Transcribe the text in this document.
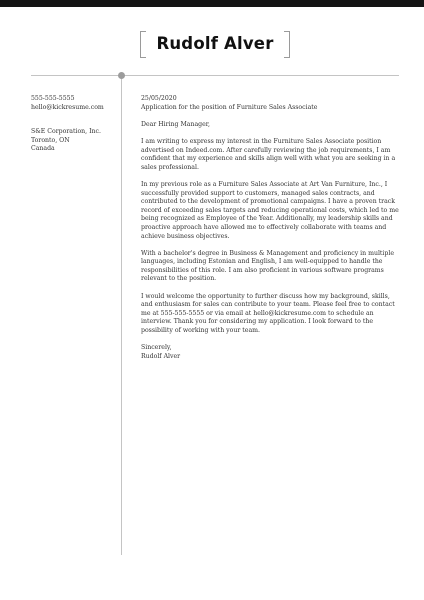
Rudolf Alver
555-555-5555
hello@kickresume.com
S&E Corporation, Inc.
Toronto, ON
Canada
25/05/2020

Application for the position of Furniture Sales Associate

Dear Hiring Manager,

I am writing to express my interest in the Furniture Sales Associate position advertised on Indeed.com. After carefully reviewing the job requirements, I am confident that my experience and skills align well with what you are seeking in a sales professional.

In my previous role as a Furniture Sales Associate at Art Van Furniture, Inc., I successfully provided support to customers, managed sales contracts, and contributed to the development of promotional campaigns. I have a proven track record of exceeding sales targets and reducing operational costs, which led to me being recognized as Employee of the Year. Additionally, my leadership skills and proactive approach have allowed me to effectively collaborate with teams and achieve business objectives.

With a bachelor's degree in Business & Management and proficiency in multiple languages, including Estonian and English, I am well-equipped to handle the responsibilities of this role. I am also proficient in various software programs relevant to the position.

I would welcome the opportunity to further discuss how my background, skills, and enthusiasm for sales can contribute to your team. Please feel free to contact me at 555-555-5555 or via email at hello@kickresume.com to schedule an interview. Thank you for considering my application. I look forward to the possibility of working with your team.

Sincerely,

Rudolf Alver
